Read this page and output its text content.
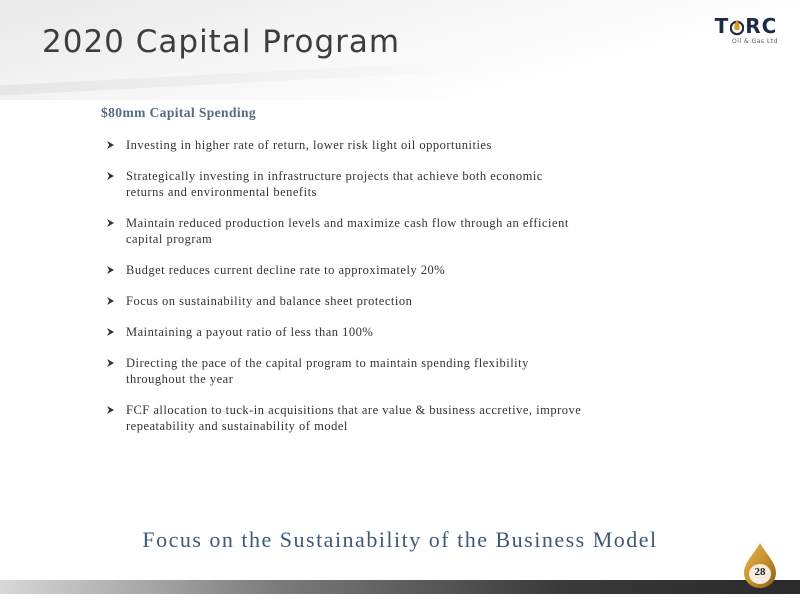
2020 Capital Program	T RC
Oil & Gas Ltd
$80mm Capital Spending
Investing in higher rate of return, lower risk light oil opportunities
Strategically investing in infrastructure projects that achieve both economic
returns and environmental benefits
Maintain reduced production levels and maximize cash flow through an efficient
capital program
Budget reduces current decline rate to approximately 20%
Focus on sustainability and balance sheet protection
Maintaining a payout ratio of less than 100%
Directing the pace of the capital program to maintain spending flexibility
throughout the year
FCF allocation to tuck-in acquisitions that are value & business accretive, improve
repeatability and sustainability of model

Focus on the Sustainability of the Business Model

28
